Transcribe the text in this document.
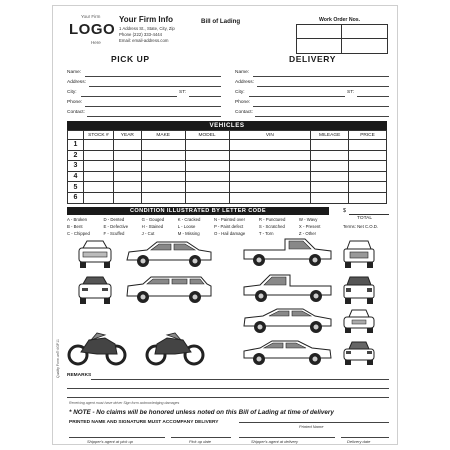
Your Firm
LOGO
Here
Your Firm Info
1 Address St., State, City, Zip
Phone (222) 333-4444
Email: email-address.com
Bill of Lading	Work Order Nos.
PICK UP
Name:
Address:
City:	ST:
Phone:
Contact:
DELIVERY
Name:
Address:
City:	ST:
Phone:
Contact:
VEHICLES
	STOCK #	YEAR	MAKE	MODEL	VIN	MILEAGE	PRICE
1							
2							
3							
4							
5							
6							
CONDITION ILLUSTRATED BY LETTER CODE
A - Broken	D - Dented	G - Gouged	K - Cracked	N - Painted over	R - Punctured	W - Wavy
B - Bent	E - Defective	H - Stained	L - Loose	P - Paint defect	S - Scratched	X - Present
C - Chipped	F - Scuffed	J - Cut	M - Missing	O - Hail damage	T - Torn	Z - Other
$
TOTAL
Terms: Net C.O.D.
REMARKS
Quality Form.us® #GP11
Receiving agent must have driver Sign form acknowledging damages
* NOTE - No claims will be honored unless noted on this Bill of Lading at time of delivery
PRINTED NAME AND SIGNATURE MUST ACCOMPANY DELIVERY
Printed Name
Shipper's agent at pick up	Pick up date	Shipper's agent at delivery	Delivery date
